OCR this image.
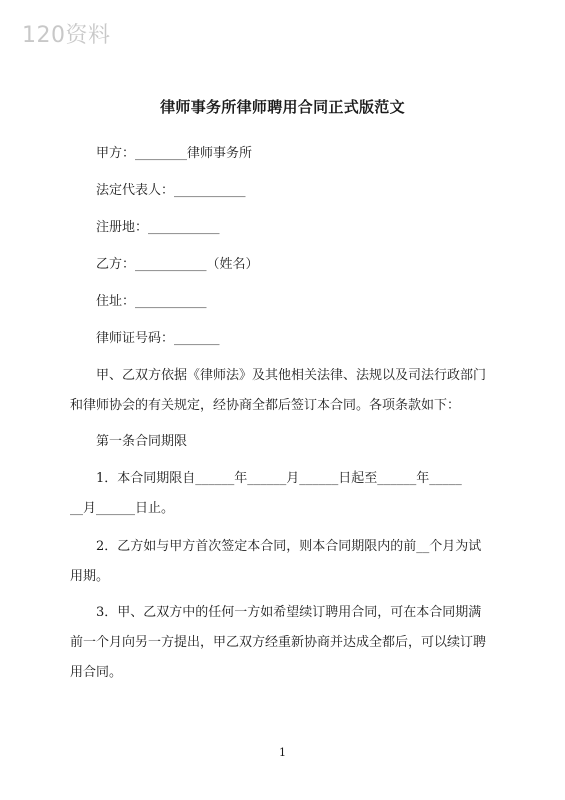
120资料
律师事务所律师聘用合同正式版范文
甲方：________律师事务所
法定代表人：___________
注册地：___________
乙方：___________（姓名）
住址：___________
律师证号码：_______
甲、乙双方依据《律师法》及其他相关法律、法规以及司法行政部门
和律师协会的有关规定，经协商全都后签订本合同。各项条款如下：
第一条合同期限
1．本合同期限自______年______月______日起至______年_____
__月______日止。
2．乙方如与甲方首次签定本合同，则本合同期限内的前__个月为试
用期。
3．甲、乙双方中的任何一方如希望续订聘用合同，可在本合同期满
前一个月向另一方提出，甲乙双方经重新协商并达成全都后，可以续订聘
用合同。
1
